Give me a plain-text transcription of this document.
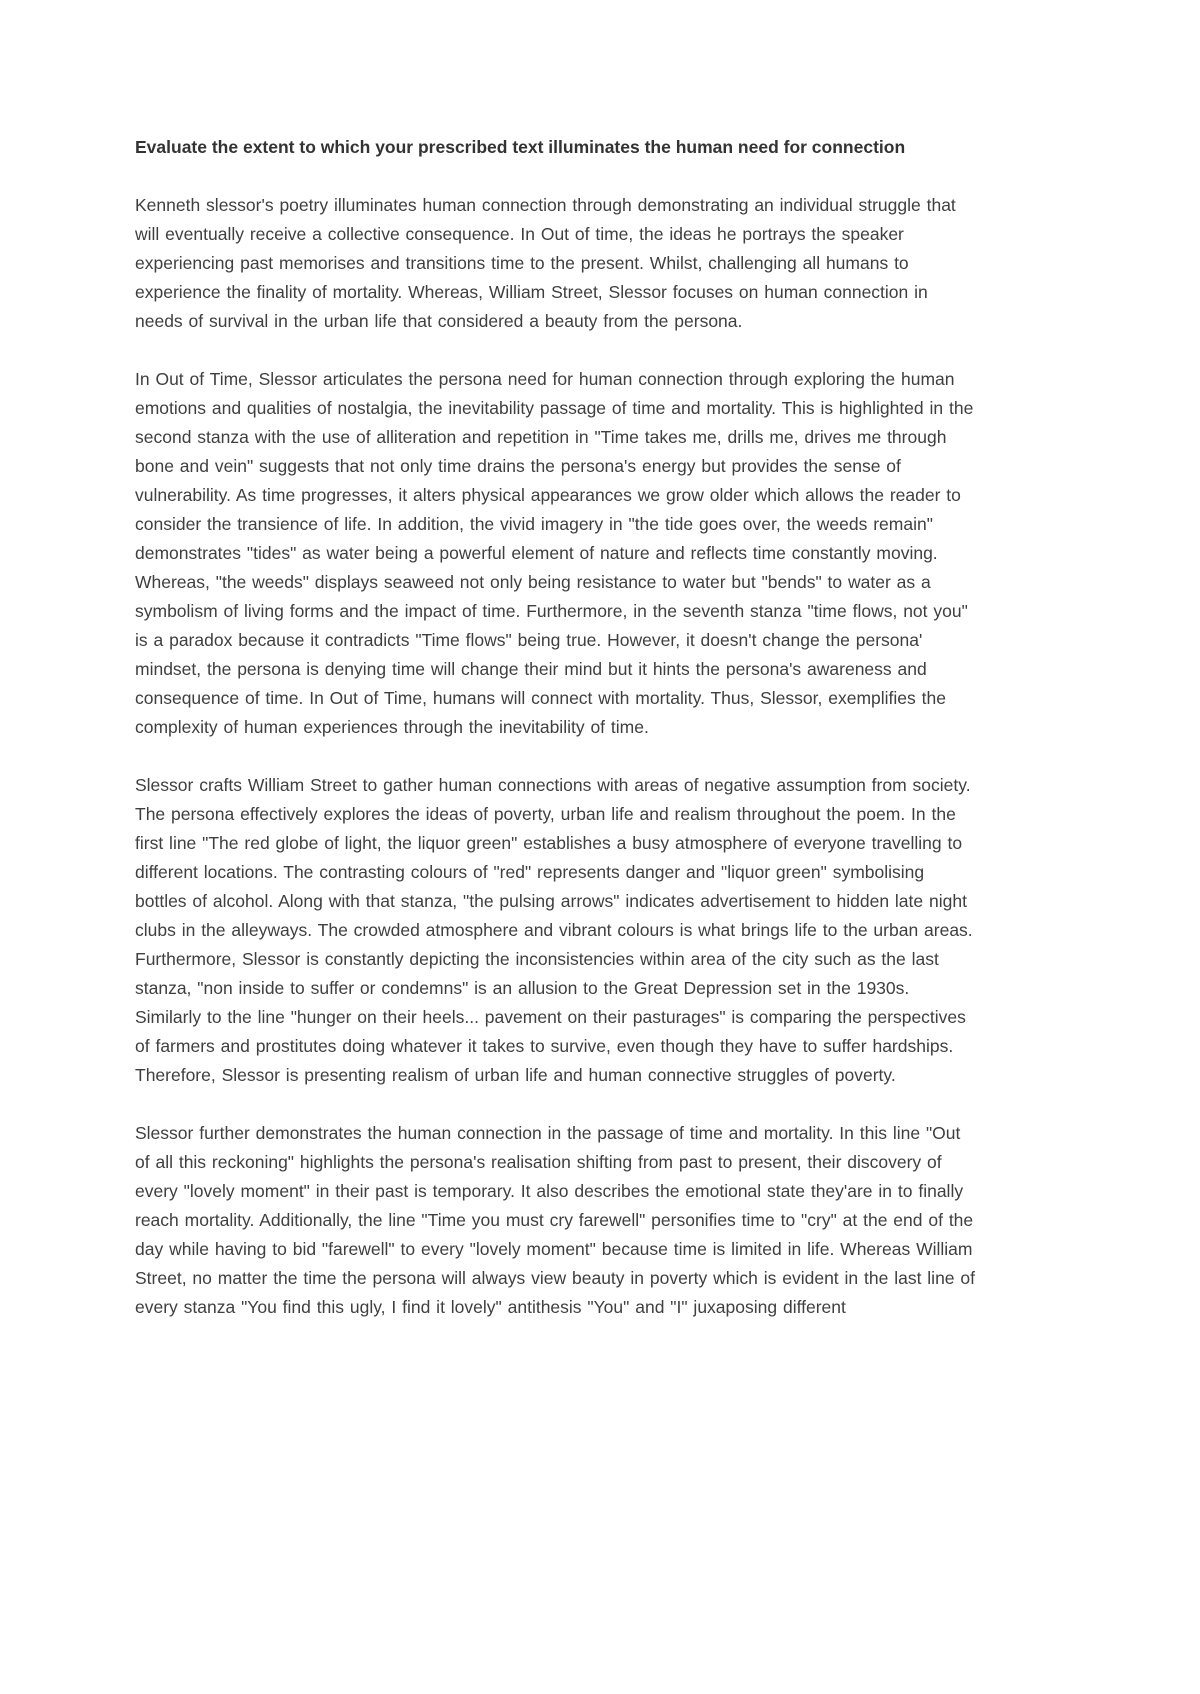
Evaluate the extent to which your prescribed text illuminates the human need for connection

Kenneth slessor's poetry illuminates human connection through demonstrating an individual struggle that will eventually receive a collective consequence. In Out of time, the ideas he portrays the speaker experiencing past memorises and transitions time to the present. Whilst, challenging all humans to experience the finality of mortality. Whereas, William Street, Slessor focuses on human connection in needs of survival in the urban life that considered a beauty from the persona.

In Out of Time, Slessor articulates the persona need for human connection through exploring the human emotions and qualities of nostalgia, the inevitability passage of time and mortality. This is highlighted in the second stanza with the use of alliteration and repetition in "Time takes me, drills me, drives me through bone and vein" suggests that not only time drains the persona's energy but provides the sense of vulnerability. As time progresses, it alters physical appearances we grow older which allows the reader to consider the transience of life. In addition, the vivid imagery in "the tide goes over, the weeds remain" demonstrates "tides" as water being a powerful element of nature and reflects time constantly moving. Whereas, "the weeds" displays seaweed not only being resistance to water but "bends" to water as a symbolism of living forms and the impact of time. Furthermore, in the seventh stanza "time flows, not you" is a paradox because it contradicts "Time flows" being true. However, it doesn't change the persona' mindset, the persona is denying time will change their mind but it hints the persona's awareness and consequence of time. In Out of Time, humans will connect with mortality. Thus, Slessor, exemplifies the complexity of human experiences through the inevitability of time.

Slessor crafts William Street to gather human connections with areas of negative assumption from society. The persona effectively explores the ideas of poverty, urban life and realism throughout the poem. In the first line "The red globe of light, the liquor green" establishes a busy atmosphere of everyone travelling to different locations. The contrasting colours of "red" represents danger and "liquor green" symbolising bottles of alcohol. Along with that stanza, "the pulsing arrows" indicates advertisement to hidden late night clubs in the alleyways. The crowded atmosphere and vibrant colours is what brings life to the urban areas. Furthermore, Slessor is constantly depicting the inconsistencies within area of the city such as the last stanza, "non inside to suffer or condemns" is an allusion to the Great Depression set in the 1930s. Similarly to the line "hunger on their heels... pavement on their pasturages" is comparing the perspectives of farmers and prostitutes doing whatever it takes to survive, even though they have to suffer hardships. Therefore, Slessor is presenting realism of urban life and human connective struggles of poverty.

Slessor further demonstrates the human connection in the passage of time and mortality. In this line "Out of all this reckoning" highlights the persona's realisation shifting from past to present, their discovery of every "lovely moment" in their past is temporary. It also describes the emotional state they'are in to finally reach mortality. Additionally, the line "Time you must cry farewell" personifies time to "cry" at the end of the day while having to bid "farewell" to every "lovely moment" because time is limited in life. Whereas William Street, no matter the time the persona will always view beauty in poverty which is evident in the last line of every stanza "You find this ugly, I find it lovely" antithesis "You" and "I" juxaposing different
